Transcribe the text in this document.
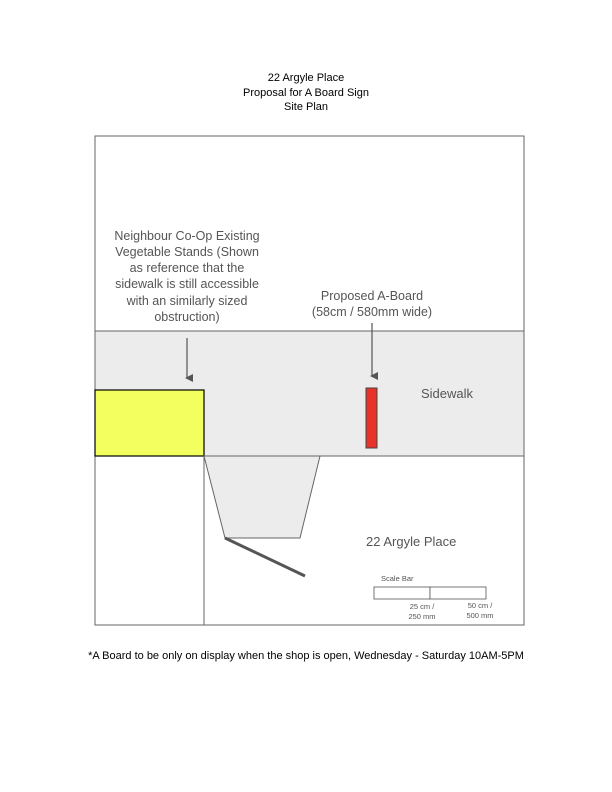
22 Argyle Place
Proposal for A Board Sign
Site Plan
Neighbour Co-Op Existing
Vegetable Stands (Shown
as reference that the
sidewalk is still accessible
with an similarly sized
obstruction)
Proposed A-Board
(58cm / 580mm wide)
Sidewalk
22 Argyle Place
Scale Bar
25 cm /
250 mm
50 cm /
500 mm
*A Board to be only on display when the shop is open, Wednesday - Saturday 10AM-5PM
